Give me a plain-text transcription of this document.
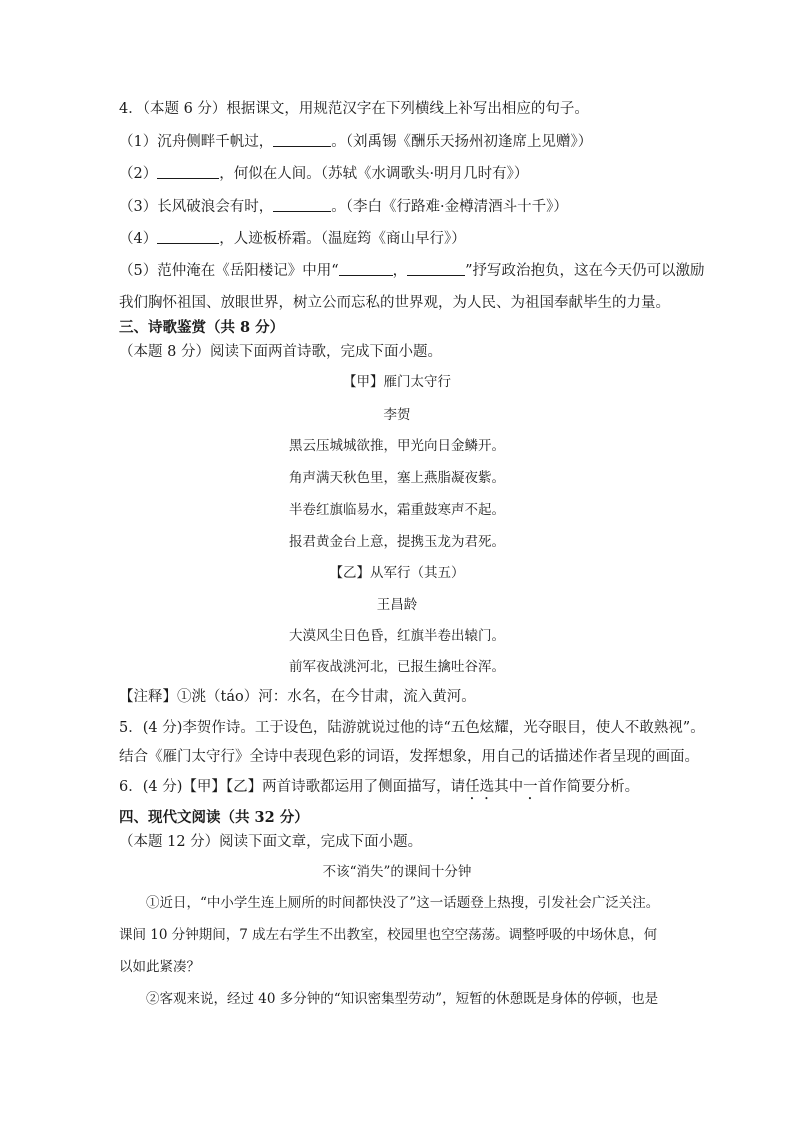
4．（本题 6 分）根据课文，用规范汉字在下列横线上补写出相应的句子。
（1）沉舟侧畔千帆过，	。（刘禹锡《酬乐天扬州初逢席上见赠》）
（2）	，何似在人间。（苏轼《水调歌头·明月几时有》）
（3）长风破浪会有时，	。（李白《行路难·金樽清酒斗十千》）
（4）	，人迹板桥霜。（温庭筠《商山早行》）
（5）范仲淹在《岳阳楼记》中用“	，	”抒写政治抱负，这在今天仍可以激励
我们胸怀祖国、放眼世界，树立公而忘私的世界观，为人民、为祖国奉献毕生的力量。
三、诗歌鉴赏（共 8 分）
（本题 8 分）阅读下面两首诗歌，完成下面小题。
【甲】雁门太守行
李贺
黑云压城城欲推，甲光向日金鳞开。
角声满天秋色里，塞上燕脂凝夜紫。
半卷红旗临易水，霜重鼓寒声不起。
报君黄金台上意，提携玉龙为君死。
【乙】从军行（其五）
王昌龄
大漠风尘日色昏，红旗半卷出辕门。
前军夜战洮河北，已报生擒吐谷浑。
【注释】①洮（táo）河：水名，在今甘肃，流入黄河。
5．(4 分)李贺作诗。工于设色，陆游就说过他的诗“五色炫耀，光夺眼目，使人不敢熟视”。
结合《雁门太守行》全诗中表现色彩的词语，发挥想象，用自己的话描述作者呈现的画面。
6．(4 分)【甲】【乙】两首诗歌都运用了侧面描写，请任选其中一首作简要分析。
四、现代文阅读（共 32 分）
（本题 12 分）阅读下面文章，完成下面小题。
不该“消失”的课间十分钟
①近日，“中小学生连上厕所的时间都快没了”这一话题登上热搜，引发社会广泛关注。
课间 10 分钟期间，7 成左右学生不出教室，校园里也空空荡荡。调整呼吸的中场休息，何
以如此紧凑？
②客观来说，经过 40 多分钟的“知识密集型劳动”，短暂的休憩既是身体的停顿，也是
